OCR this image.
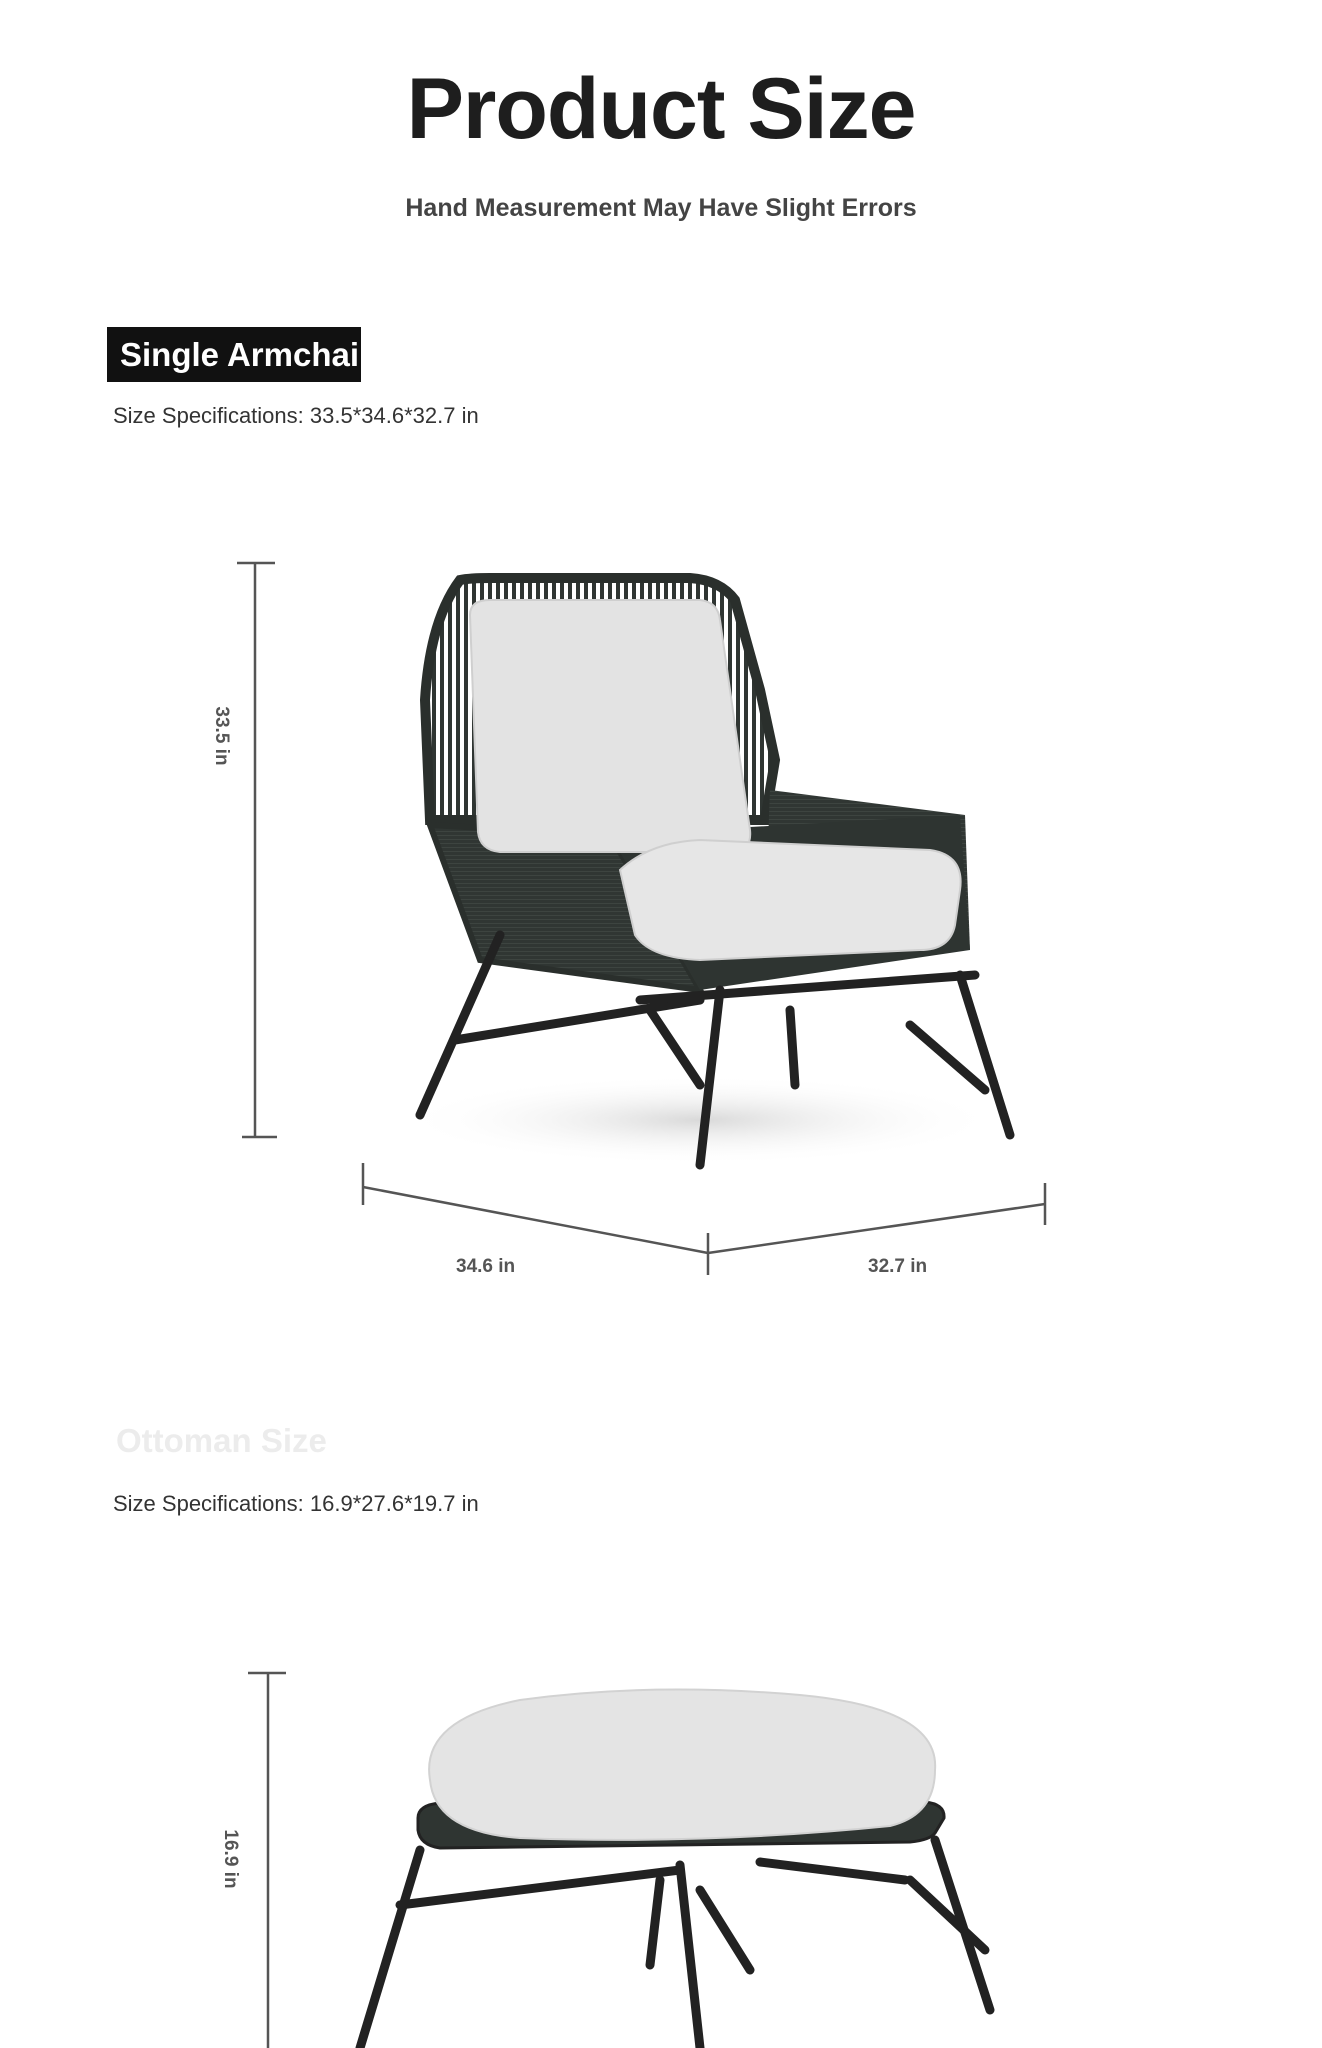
Product Size
Hand Measurement May Have Slight Errors
Single Armchair
Size Specifications: 33.5*34.6*32.7 in
33.5 in
34.6 in	32.7 in
Ottoman Size
Size Specifications: 16.9*27.6*19.7 in
16.9 in
